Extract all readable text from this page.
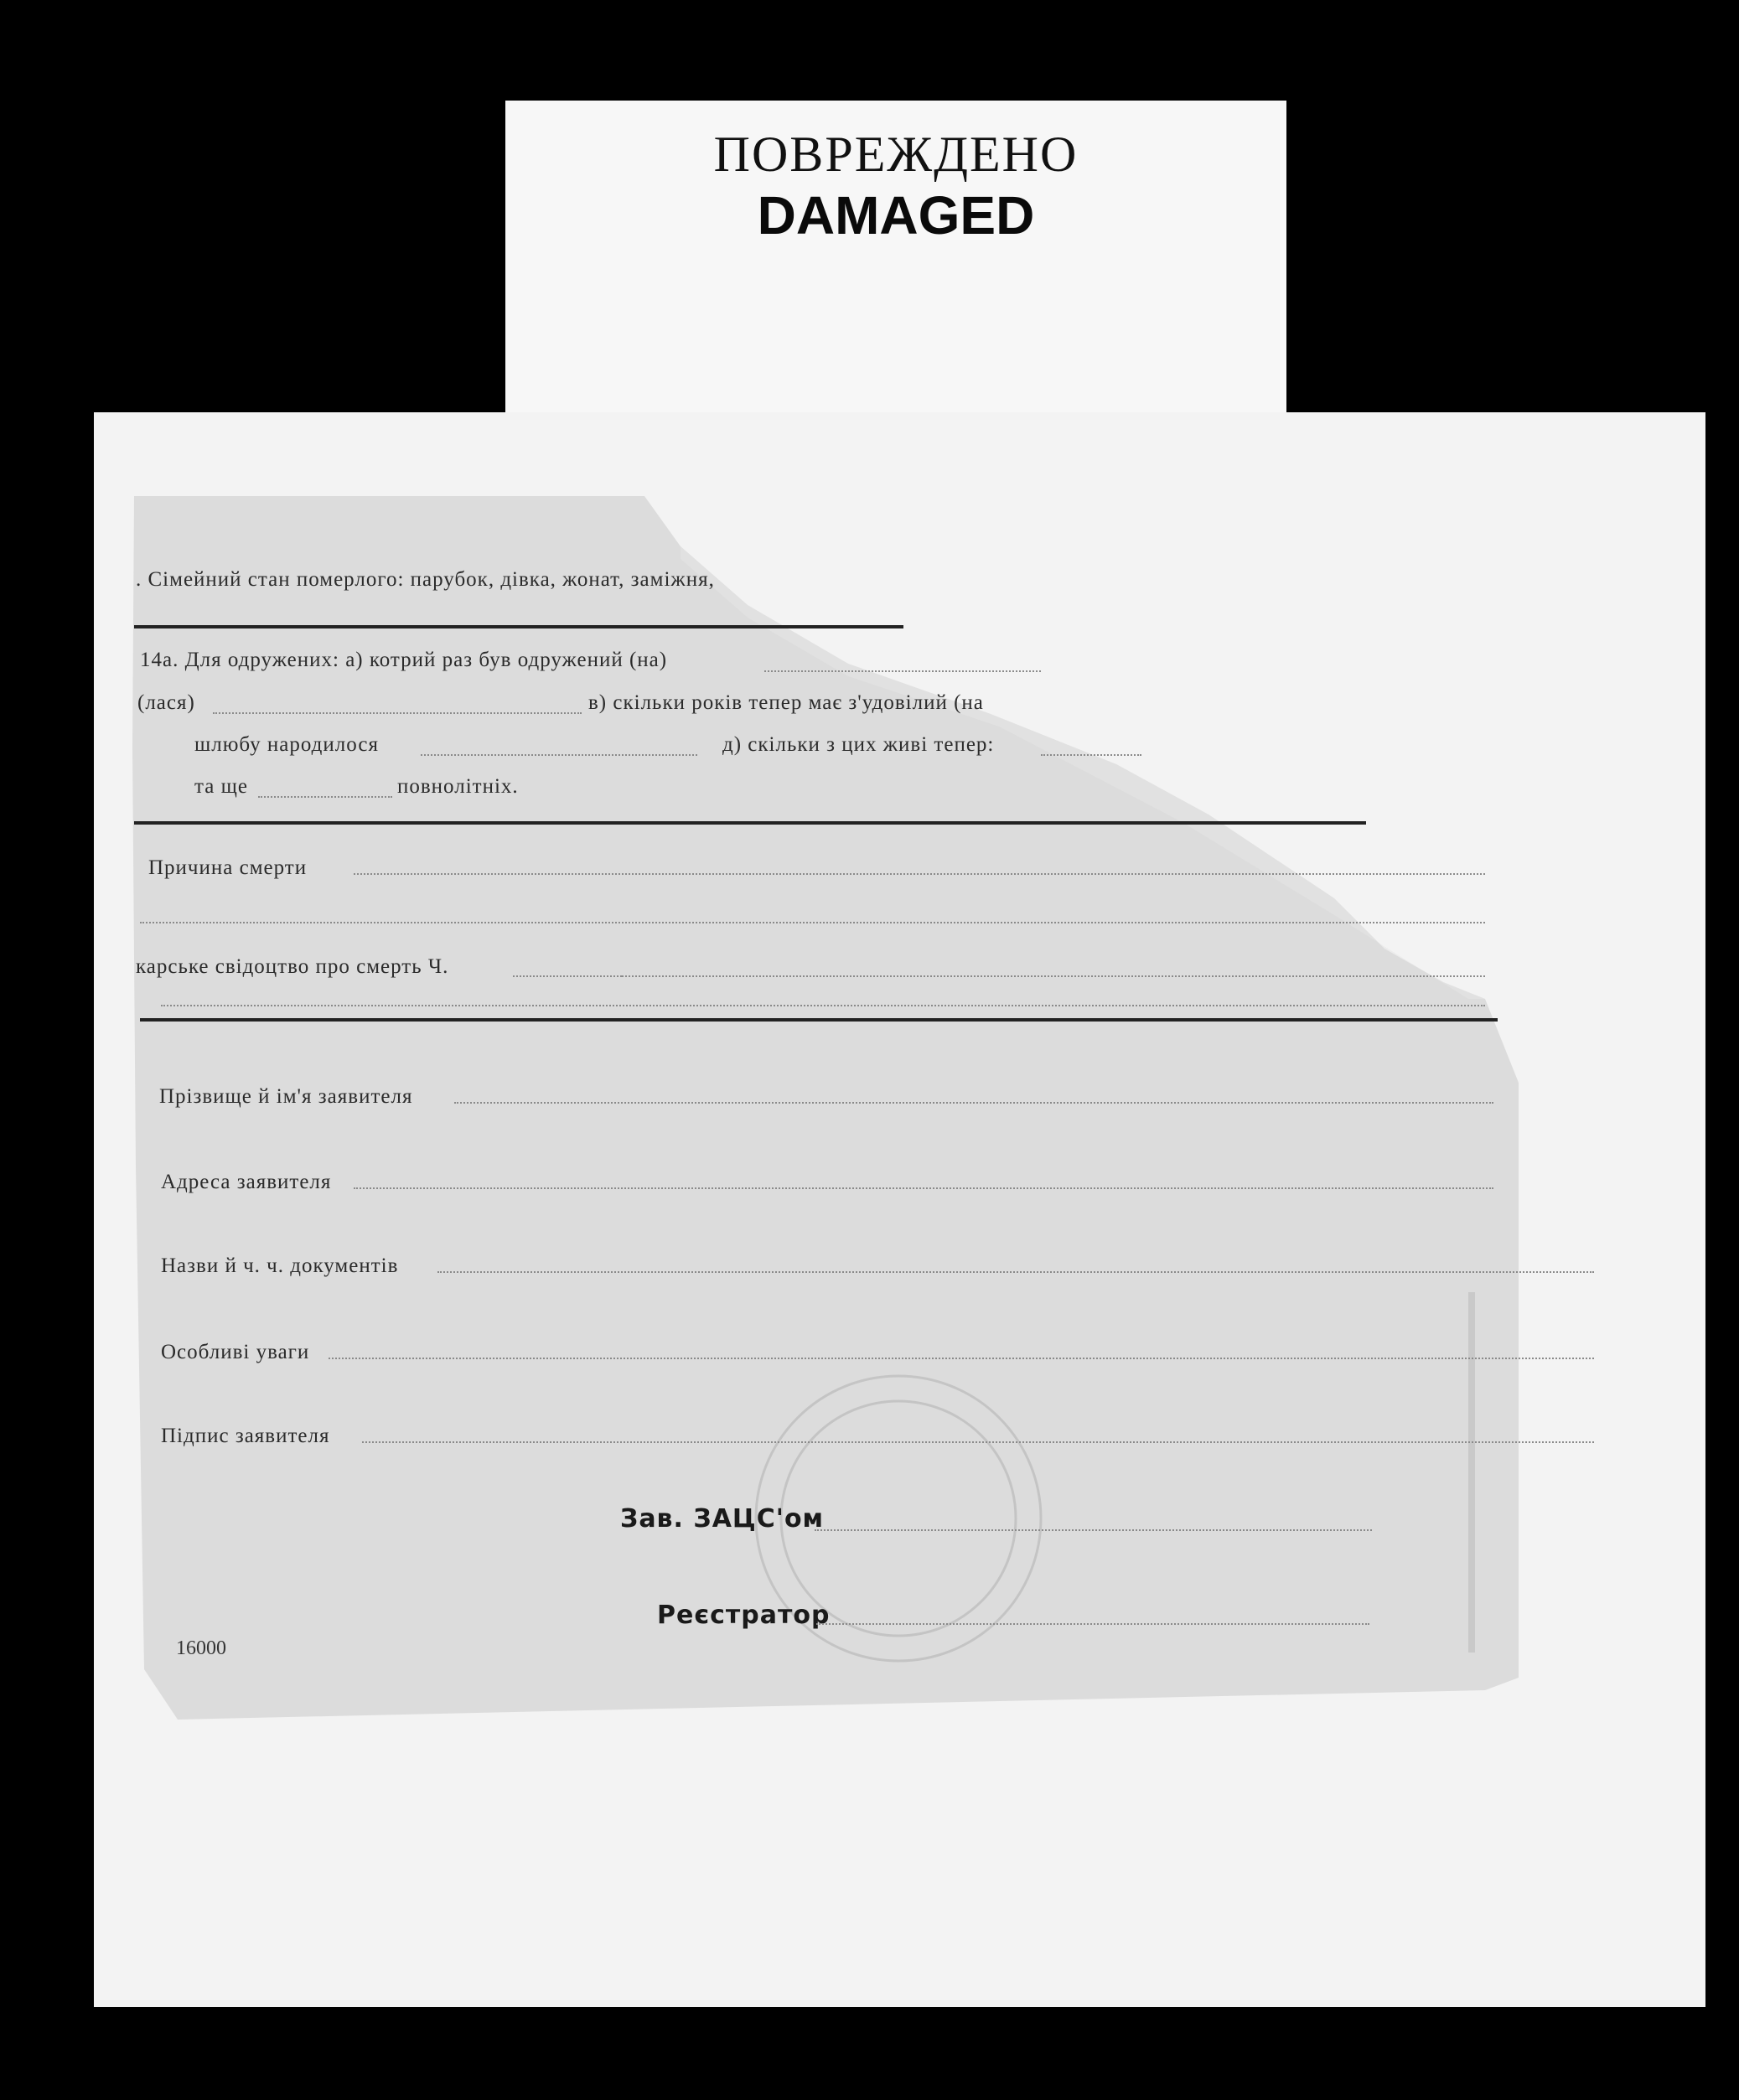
ПОВРЕЖДЕНО
DAMAGED
. Сімейний стан померлого: парубок, дівка, жонат, заміжня,
14а. Для одружених: а) котрий раз був одружений (на)
(лася)	в) скільки років тепер має з'удовілий (на
шлюбу народилося	д) скільки з цих живі тепер:
та ще	повнолітніх.
Причина смерти
карське свідоцтво про смерть Ч.
Прізвище й ім'я заявителя
Адреса заявителя
Назви й ч. ч. документів
Особливі уваги
Підпис заявителя
Зав. ЗАЦС'ом
Реєстратор
16000
